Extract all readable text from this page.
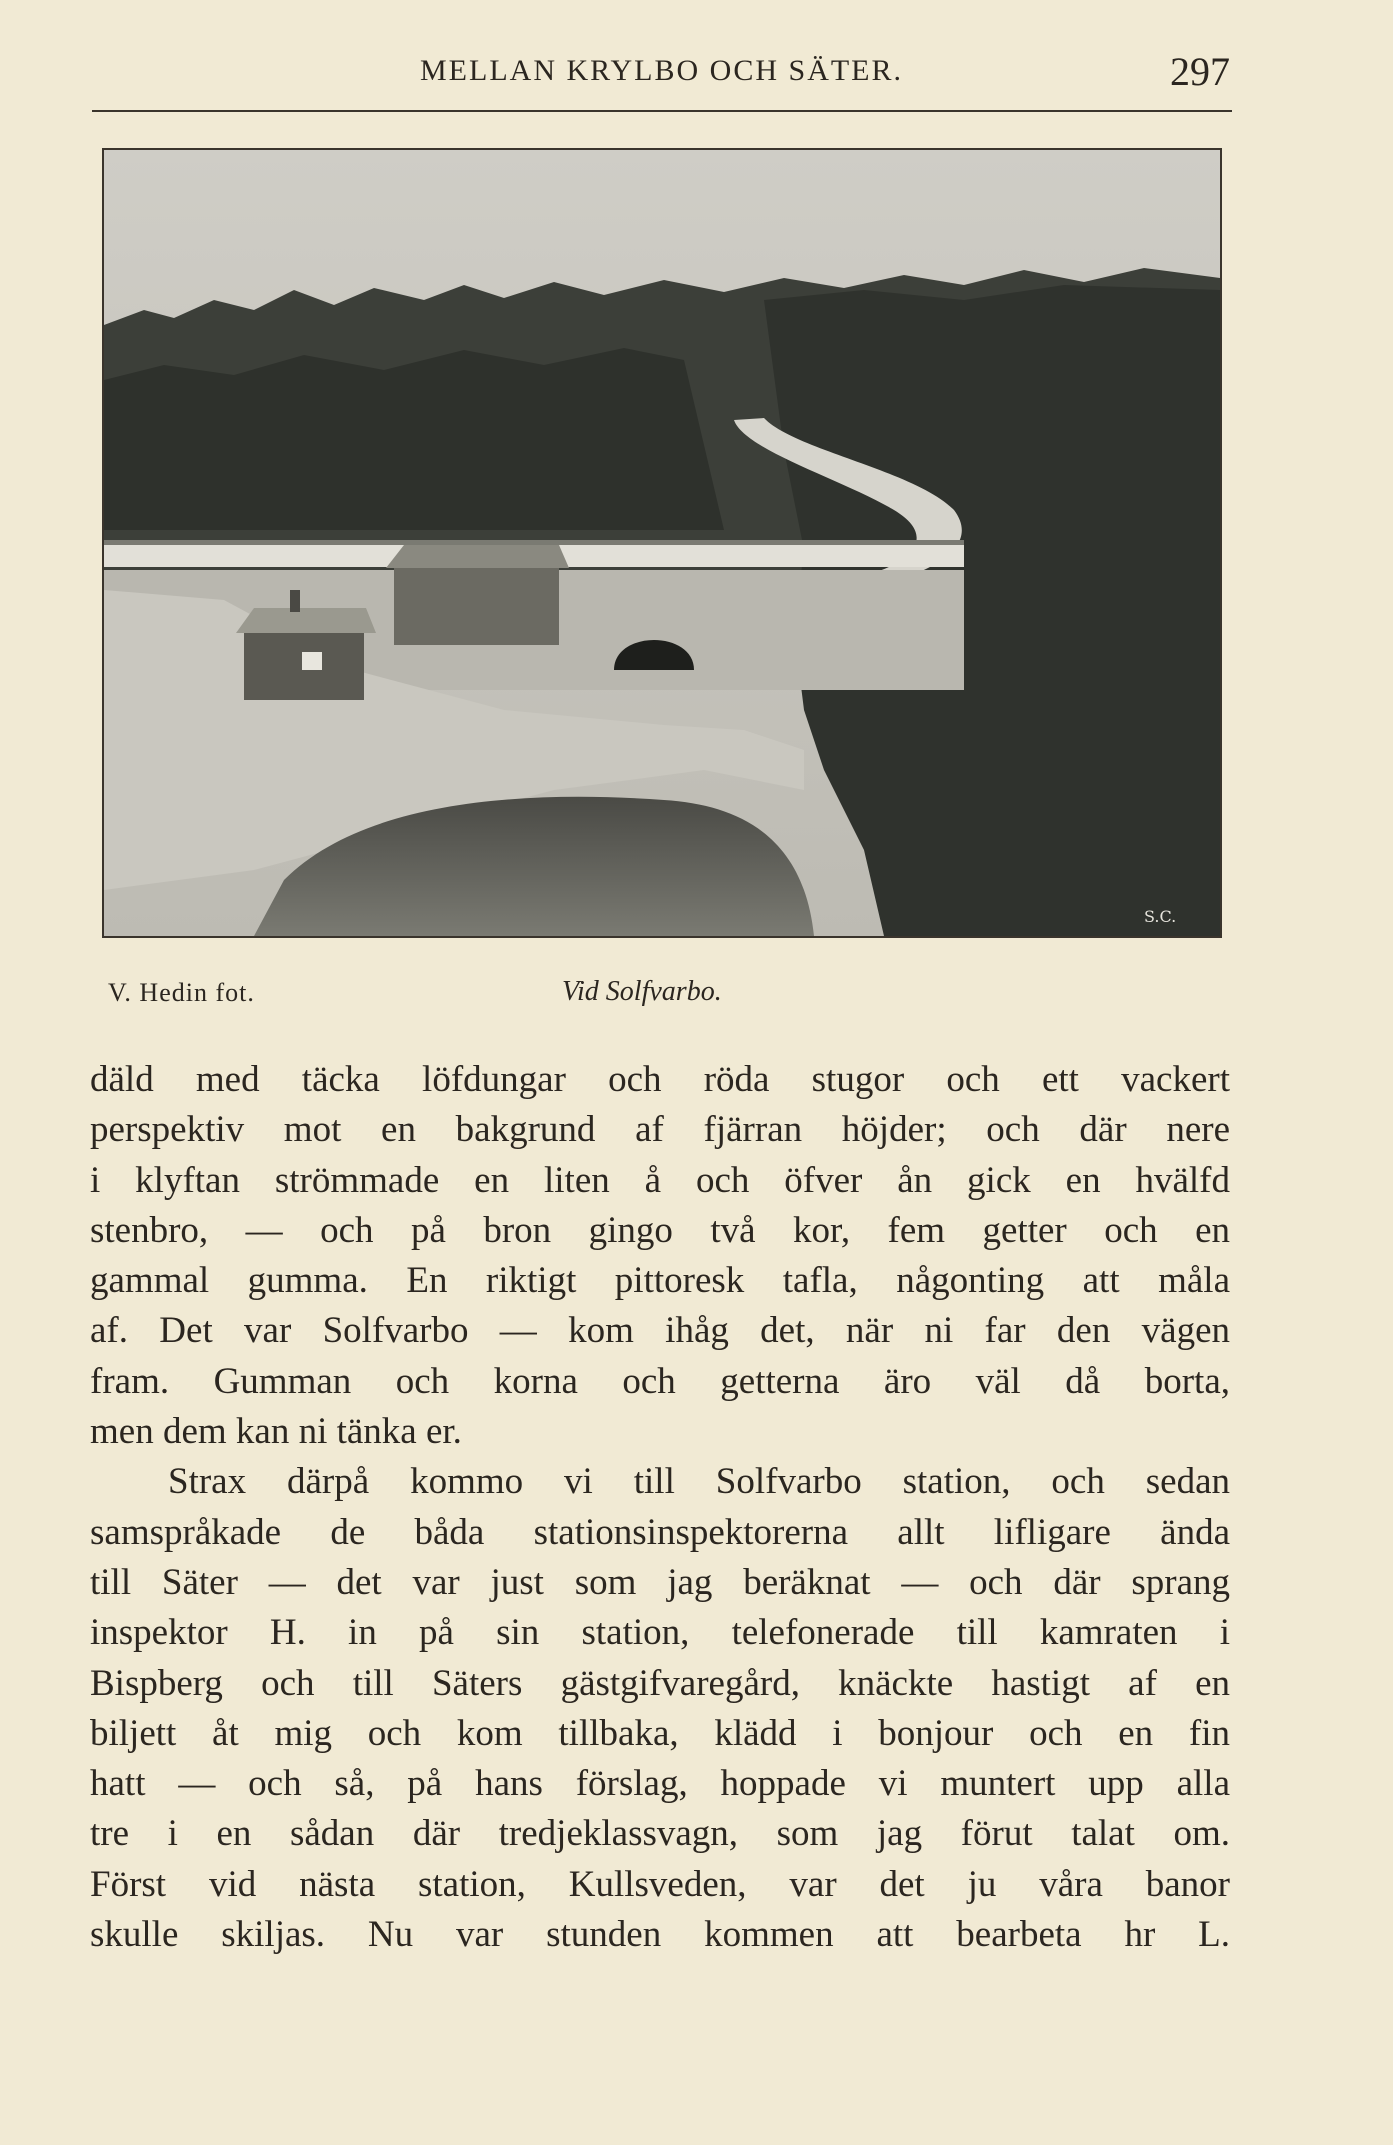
MELLAN KRYLBO OCH SÄTER.	297
S.C.
V. Hedin fot.	Vid Solfvarbo.
däld med täcka löfdungar och röda stugor och ett vackert
perspektiv mot en bakgrund af fjärran höjder; och där nere
i klyftan strömmade en liten å och öfver ån gick en hvälfd
stenbro, — och på bron gingo två kor, fem getter och en
gammal gumma. En riktigt pittoresk tafla, någonting att måla
af. Det var Solfvarbo — kom ihåg det, när ni far den vägen
fram. Gumman och korna och getterna äro väl då borta,
men dem kan ni tänka er.
Strax därpå kommo vi till Solfvarbo station, och sedan
samspråkade de båda stationsinspektorerna allt lifligare ända
till Säter — det var just som jag beräknat — och där sprang
inspektor H. in på sin station, telefonerade till kamraten i
Bispberg och till Säters gästgifvaregård, knäckte hastigt af en
biljett åt mig och kom tillbaka, klädd i bonjour och en fin
hatt — och så, på hans förslag, hoppade vi muntert upp alla
tre i en sådan där tredjeklassvagn, som jag förut talat om.
Först vid nästa station, Kullsveden, var det ju våra banor
skulle skiljas. Nu var stunden kommen att bearbeta hr L.
